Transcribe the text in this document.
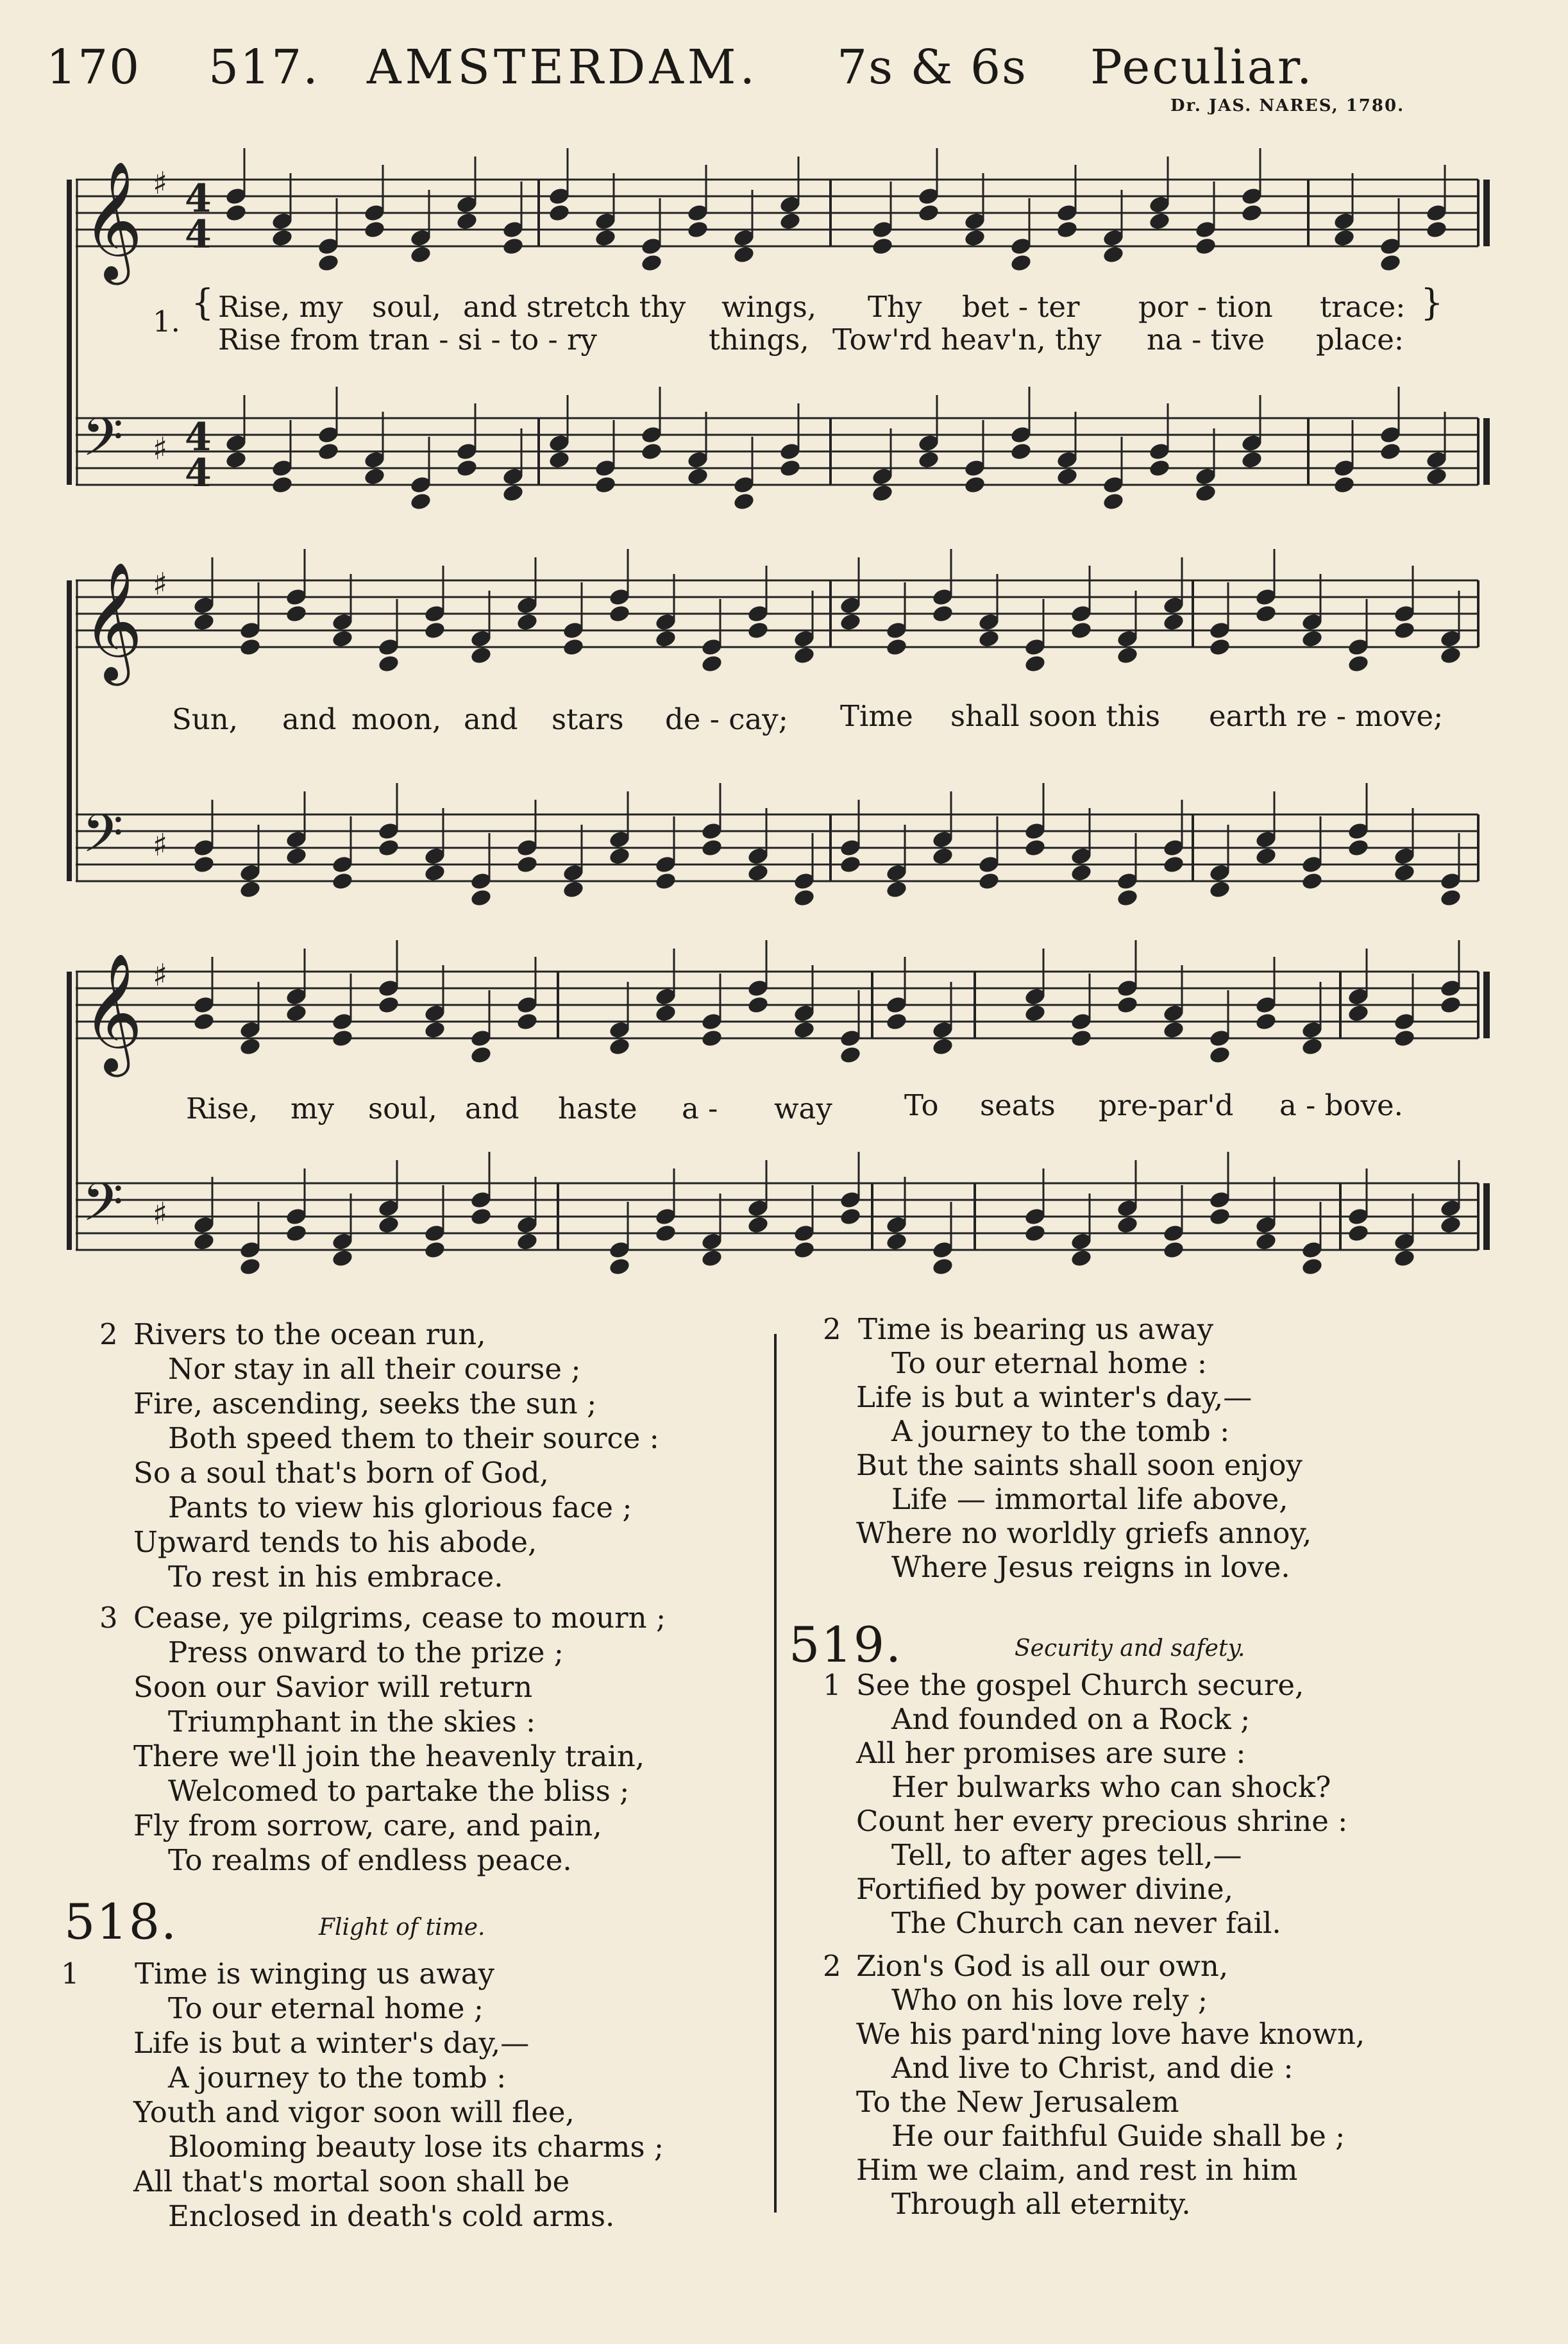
170 517. AMSTERDAM. 7s & 6s Peculiar.
Dr. JAS. NARES, 1780.
𝄞 ♯ 4
4
𝄢 ♯ 4
4
𝄞 ♯
𝄢 ♯
𝄞 ♯
𝄢 ♯
1. { Rise, my soul, and stretch thy wings, Thy bet - ter por - tion trace: }
Rise from tran - si - to - ry	things, Tow'rd heav'n, thy na - tive place:
Sun, and moon, and stars de - cay; Time shall soon this earth re - move;
Rise, my soul, and haste a - way To seats pre-par'd a - bove.
2 Rivers to the ocean run,
Nor stay in all their course ;
Fire, ascending, seeks the sun ;
Both speed them to their source :
So a soul that's born of God,
Pants to view his glorious face ;
Upward tends to his abode,
To rest in his embrace.
3 Cease, ye pilgrims, cease to mourn ;
Press onward to the prize ;
Soon our Savior will return
Triumphant in the skies :
There we'll join the heavenly train,
Welcomed to partake the bliss ;
Fly from sorrow, care, and pain,
To realms of endless peace.
518.	Flight of time.
1 Time is winging us away
To our eternal home ;
Life is but a winter's day,—
A journey to the tomb :
Youth and vigor soon will flee,
Blooming beauty lose its charms ;
All that's mortal soon shall be
Enclosed in death's cold arms.
2 Time is bearing us away
To our eternal home :
Life is but a winter's day,—
A journey to the tomb :
But the saints shall soon enjoy
Life — immortal life above,
Where no worldly griefs annoy,
Where Jesus reigns in love.
519.	Security and safety.
1 See the gospel Church secure,
And founded on a Rock ;
All her promises are sure :
Her bulwarks who can shock?
Count her every precious shrine :
Tell, to after ages tell,—
Fortified by power divine,
The Church can never fail.
2 Zion's God is all our own,
Who on his love rely ;
We his pard'ning love have known,
And live to Christ, and die :
To the New Jerusalem
He our faithful Guide shall be ;
Him we claim, and rest in him
Through all eternity.
